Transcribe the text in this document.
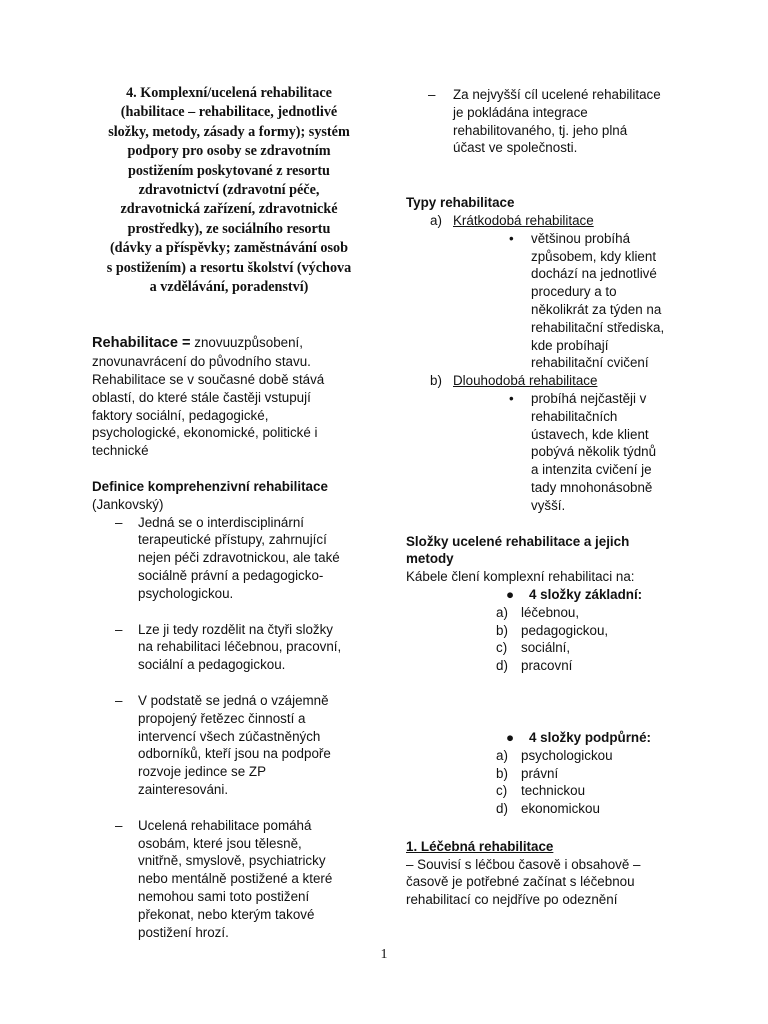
4. Komplexní/ucelená rehabilitace
(habilitace – rehabilitace, jednotlivé
složky, metody, zásady a formy); systém
podpory pro osoby se zdravotním
postižením poskytované z resortu
zdravotnictví (zdravotní péče,
zdravotnická zařízení, zdravotnické
prostředky), ze sociálního resortu
(dávky a příspěvky; zaměstnávání osob
s postižením) a resortu školství (výchova
a vzdělávání, poradenství)

Rehabilitace = znovuuzpůsobení,

znovunavrácení do původního stavu.
Rehabilitace se v současné době stává
oblastí, do které stále častěji vstupují
faktory sociální, pedagogické,
psychologické, ekonomické, politické i
technické

Definice komprehenzivní rehabilitace

(Jankovský)

– Jedná se o interdisciplinární
terapeutické přístupy, zahrnující
nejen péči zdravotnickou, ale také
sociálně právní a pedagogicko-
psychologickou.
– Lze ji tedy rozdělit na čtyři složky
na rehabilitaci léčebnou, pracovní,
sociální a pedagogickou.
– V podstatě se jedná o vzájemně
propojený řetězec činností a
intervencí všech zúčastněných
odborníků, kteří jsou na podpoře
rozvoje jedince se ZP
zainteresováni.
– Ucelená rehabilitace pomáhá
osobám, které jsou tělesně,
vnitřně, smyslově, psychiatricky
nebo mentálně postižené a které
nemohou sami toto postižení
překonat, nebo kterým takové
postižení hrozí.
– Za nejvyšší cíl ucelené rehabilitace
je pokládána integrace
rehabilitovaného, tj. jeho plná
účast ve společnosti.

Typy rehabilitace

a) Krátkodobá rehabilitace
• většinou probíhá
způsobem, kdy klient
dochází na jednotlivé
procedury a to
několikrát za týden na
rehabilitační střediska,
kde probíhají
rehabilitační cvičení
b) Dlouhodobá rehabilitace
• probíhá nejčastěji v
rehabilitačních
ústavech, kde klient
pobývá několik týdnů
a intenzita cvičení je
tady mnohonásobně
vyšší.

Složky ucelené rehabilitace a jejich
metody

Kábele člení komplexní rehabilitaci na:

● 4 složky základní:
a) léčebnou,
b) pedagogickou,
c) sociální,
d) pracovní
● 4 složky podpůrné:
a) psychologickou
b) právní
c) technickou
d) ekonomickou

1. Léčebná rehabilitace

– Souvisí s léčbou časově i obsahově –
časově je potřebné začínat s léčebnou
rehabilitací co nejdříve po odeznění
1
